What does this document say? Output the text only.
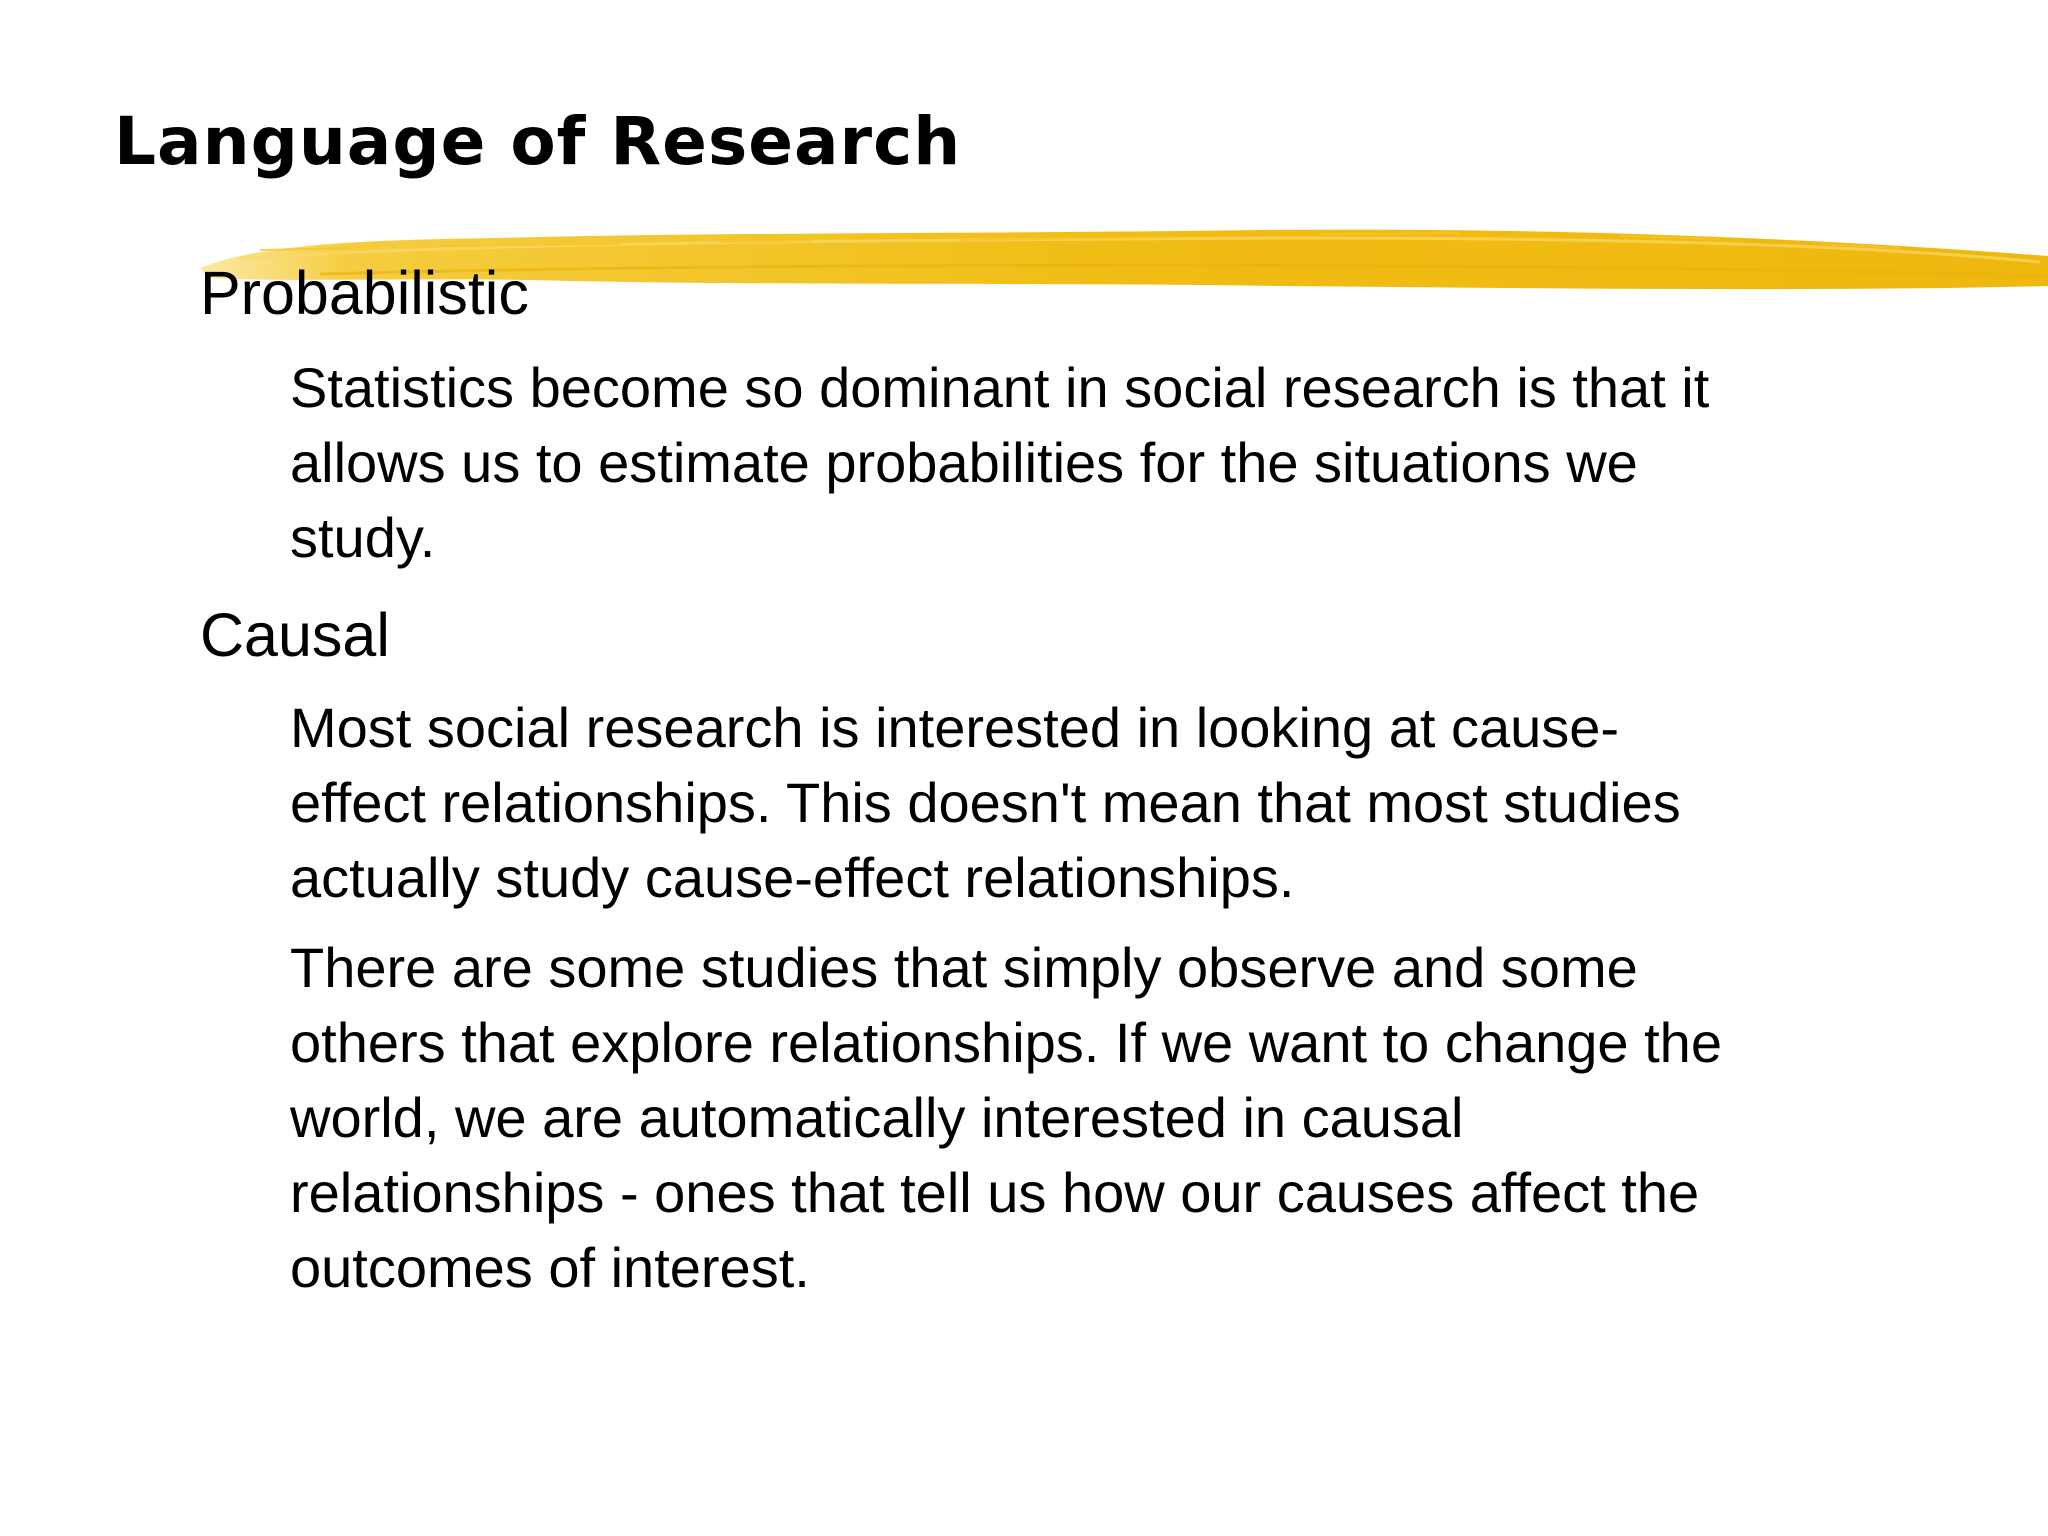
Language of Research
Probabilistic

Statistics become so dominant in social research is that it
allows us to estimate probabilities for the situations we
study.

Causal

Most social research is interested in looking at cause-
effect relationships. This doesn't mean that most studies
actually study cause-effect relationships.

There are some studies that simply observe and some
others that explore relationships. If we want to change the
world, we are automatically interested in causal
relationships - ones that tell us how our causes affect the
outcomes of interest.
